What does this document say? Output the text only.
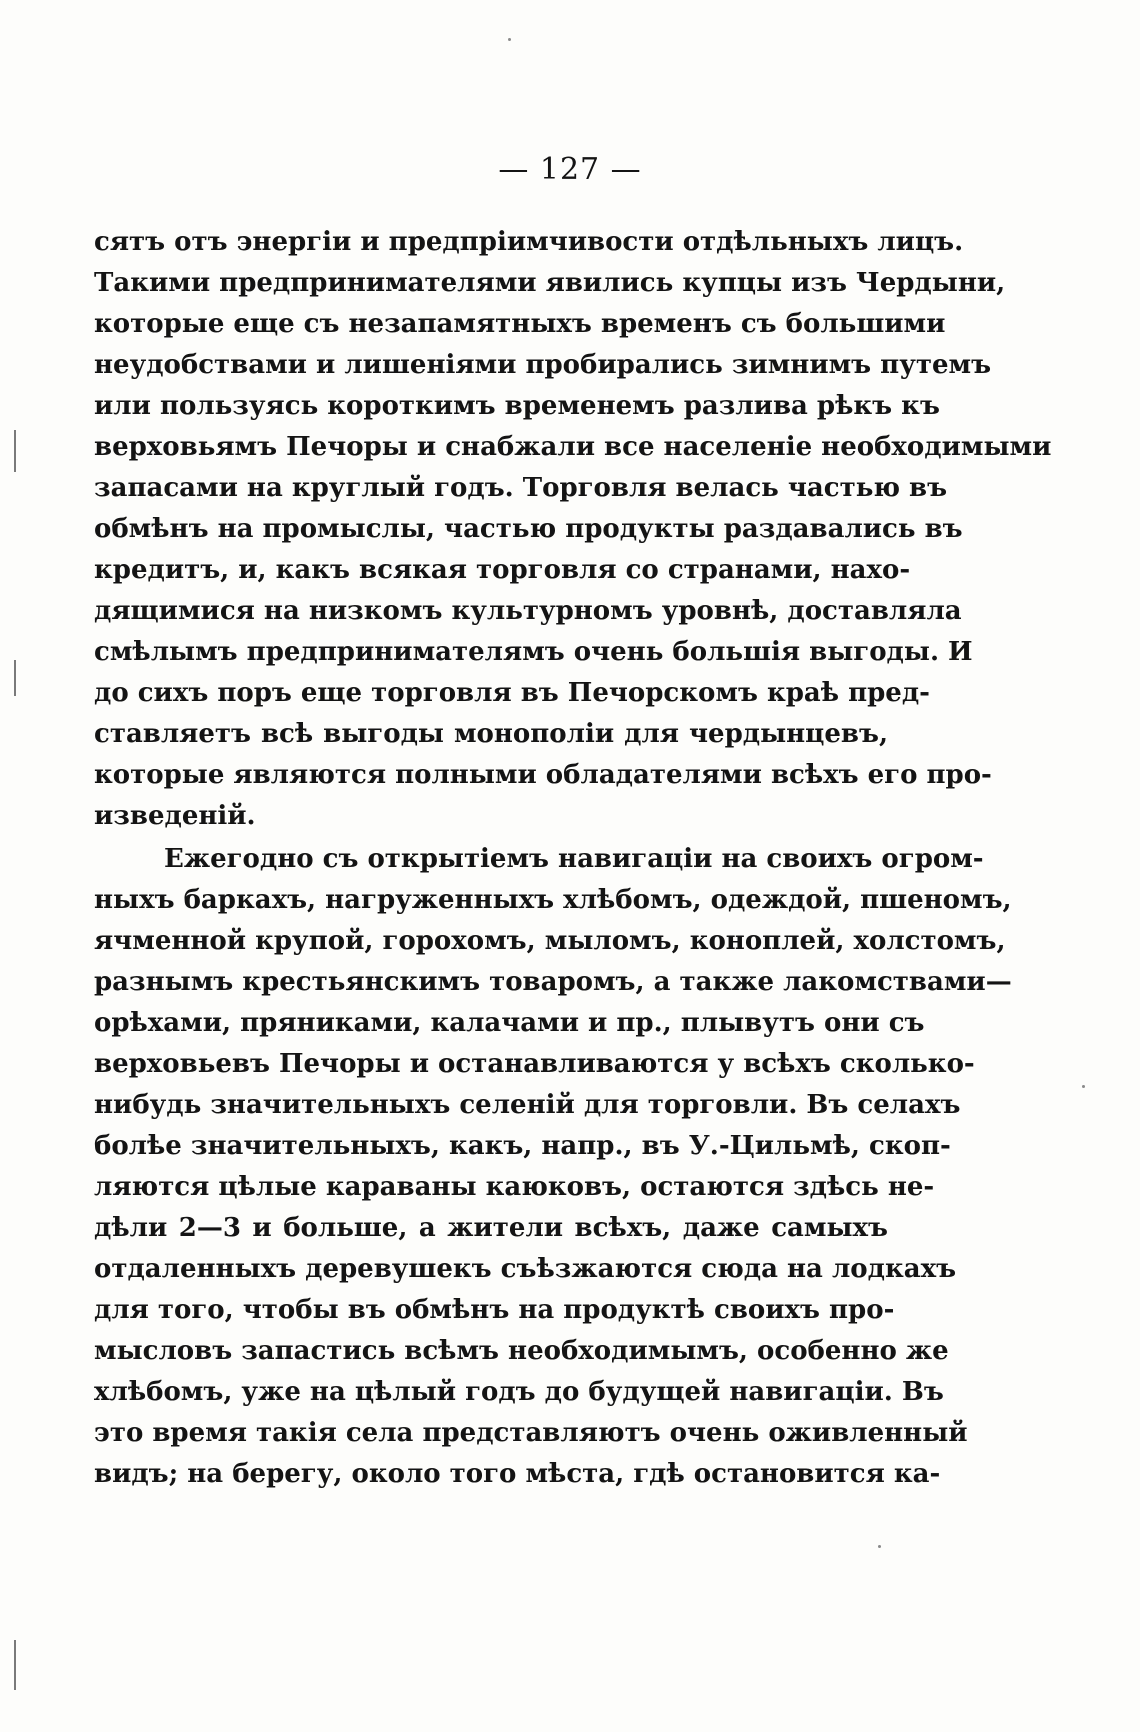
— 127 —
сятъ отъ энергіи и предпріимчивости отдѣльныхъ лицъ.
Такими предпринимателями явились купцы изъ Чердыни,
которые еще съ незапамятныхъ временъ съ большими
неудобствами и лишеніями пробирались зимнимъ путемъ
или пользуясь короткимъ временемъ разлива рѣкъ къ
верховьямъ Печоры и снабжали все населеніе необходимыми
запасами на круглый годъ. Торговля велась частью въ
обмѣнъ на промыслы, частью продукты раздавались въ
кредитъ, и, какъ всякая торговля со странами, нахо-
дящимися на низкомъ культурномъ уровнѣ, доставляла
смѣлымъ предпринимателямъ очень большія выгоды. И
до сихъ поръ еще торговля въ Печорскомъ краѣ пред-
ставляетъ всѣ выгоды монополіи для чердынцевъ,
которые являются полными обладателями всѣхъ его про-
изведеній.
Ежегодно съ открытіемъ навигаціи на своихъ огром-
ныхъ баркахъ, нагруженныхъ хлѣбомъ, одеждой, пшеномъ,
ячменной крупой, горохомъ, мыломъ, коноплей, холстомъ,
разнымъ крестьянскимъ товаромъ, а также лакомствами—
орѣхами, пряниками, калачами и пр., плывутъ они съ
верховьевъ Печоры и останавливаются у всѣхъ сколько-
нибудь значительныхъ селеній для торговли. Въ селахъ
болѣе значительныхъ, какъ, напр., въ У.-Цильмѣ, скоп-
ляются цѣлые караваны каюковъ, остаются здѣсь не-
дѣли 2—3 и больше, а жители всѣхъ, даже самыхъ
отдаленныхъ деревушекъ съѣзжаются сюда на лодкахъ
для того, чтобы въ обмѣнъ на продуктѣ своихъ про-
мысловъ запастись всѣмъ необходимымъ, особенно же
хлѣбомъ, уже на цѣлый годъ до будущей навигаціи. Въ
это время такія села представляютъ очень оживленный
видъ; на берегу, около того мѣста, гдѣ остановится ка-
